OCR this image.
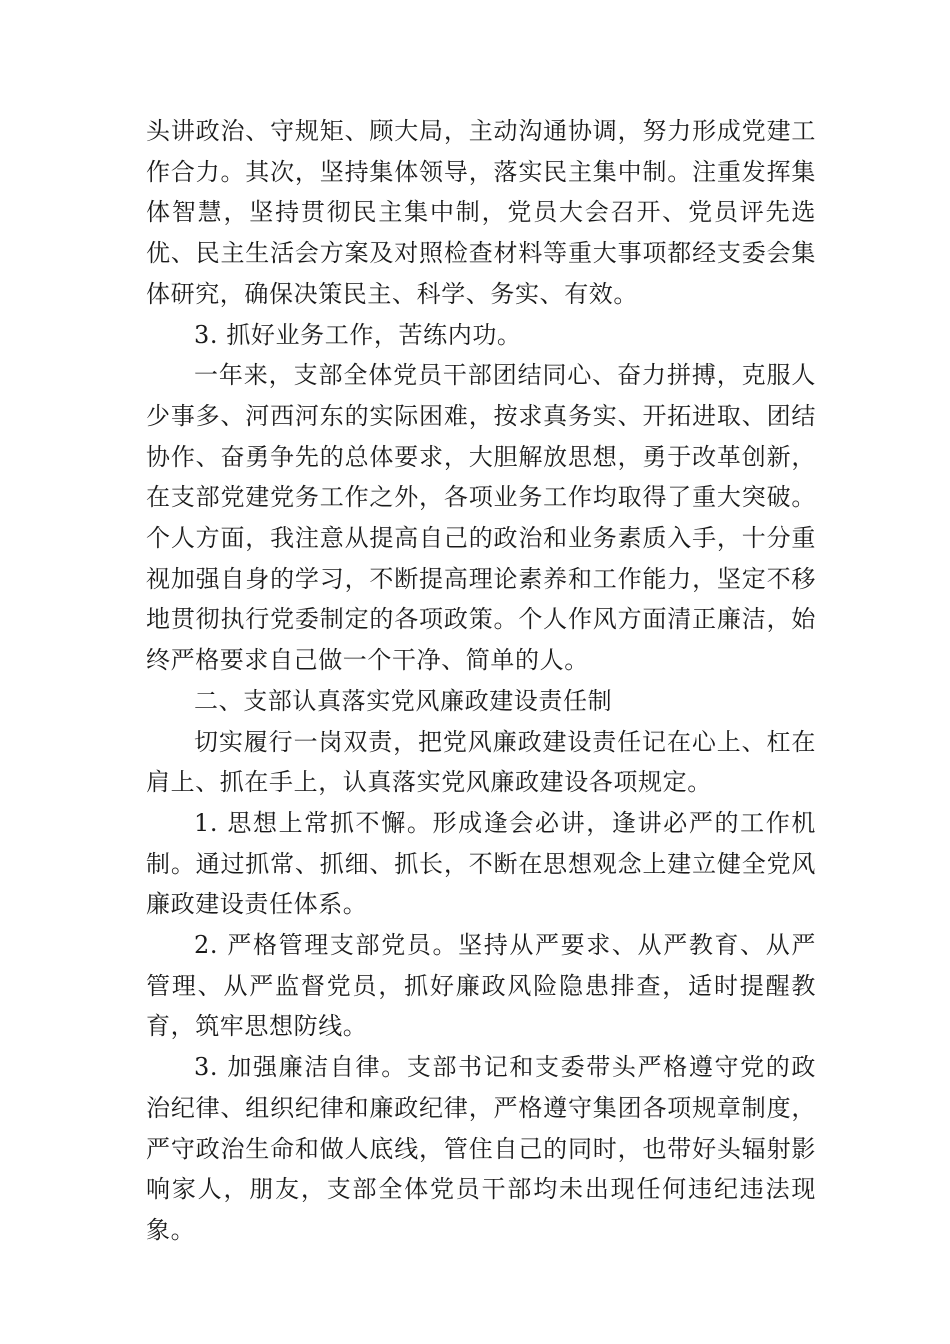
头讲政治、守规矩、顾大局，主动沟通协调，努力形成党建工作合力。其次，坚持集体领导，落实民主集中制。注重发挥集体智慧，坚持贯彻民主集中制，党员大会召开、党员评先选优、民主生活会方案及对照检查材料等重大事项都经支委会集体研究，确保决策民主、科学、务实、有效。

3. 抓好业务工作，苦练内功。

一年来，支部全体党员干部团结同心、奋力拼搏，克服人少事多、河西河东的实际困难，按求真务实、开拓进取、团结协作、奋勇争先的总体要求，大胆解放思想，勇于改革创新，在支部党建党务工作之外，各项业务工作均取得了重大突破。个人方面，我注意从提高自己的政治和业务素质入手，十分重视加强自身的学习，不断提高理论素养和工作能力，坚定不移地贯彻执行党委制定的各项政策。个人作风方面清正廉洁，始终严格要求自己做一个干净、简单的人。

二、支部认真落实党风廉政建设责任制

切实履行一岗双责，把党风廉政建设责任记在心上、杠在肩上、抓在手上，认真落实党风廉政建设各项规定。

1. 思想上常抓不懈。形成逢会必讲，逢讲必严的工作机制。通过抓常、抓细、抓长，不断在思想观念上建立健全党风廉政建设责任体系。

2. 严格管理支部党员。坚持从严要求、从严教育、从严管理、从严监督党员，抓好廉政风险隐患排查，适时提醒教育，筑牢思想防线。

3. 加强廉洁自律。支部书记和支委带头严格遵守党的政治纪律、组织纪律和廉政纪律，严格遵守集团各项规章制度，严守政治生命和做人底线，管住自己的同时，也带好头辐射影响家人，朋友，支部全体党员干部均未出现任何违纪违法现象。
